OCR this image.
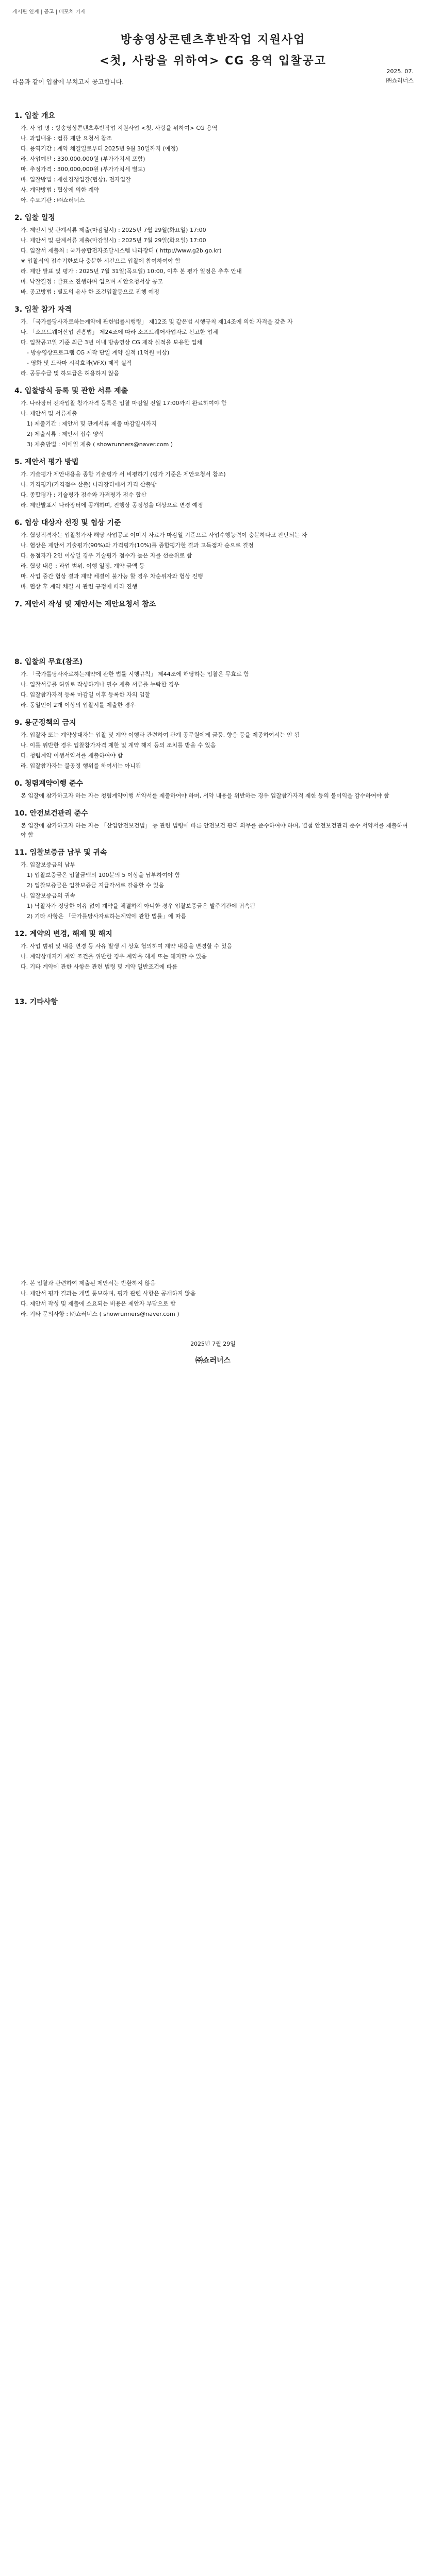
게시판 연계 | 공고 | 배포처 기재
방송영상콘텐츠후반작업 지원사업
<첫, 사랑을 위하여> CG 용역 입찰공고
2025. 07.
㈜쇼러너스
다음과 같이 입찰에 부치고저 공고합니다.
1. 입찰 개요
가. 사 업 명 : 방송영상콘텐츠후반작업 지원사업 <첫, 사랑을 위하여> CG 용역
나. 과업내용 : 컴퓨 제반 요청서 참조
다. 용역기간 : 계약 체결일로부터 2025년 9월 30일까지 (예정)
라. 사업예산 : 330,000,000원 (부가가치세 포함)
마. 추정가격 : 300,000,000원 (부가가치세 별도)
바. 입찰방법 : 제한경쟁입찰(협상), 전자입찰
사. 계약방법 : 협상에 의한 계약
아. 수요기관 : ㈜쇼러너스
2. 입찰 일정
가. 제안서 및 관계서류 제출(마감일시) : 2025년 7월 29일(화요일) 17:00
나. 제안서 및 관계서류 제출(마감일시) : 2025년 7월 29일(화요일) 17:00
다. 입찰서 제출처 : 국가종합전자조달시스템 나라장터 ( http://www.g2b.go.kr)
※ 입찰서의 접수기한보다 충분한 시간으로 입찰에 참여하여야 함
라. 제안 발표 및 평가 : 2025년 7월 31일(목요일) 10:00, 이후 본 평가 일정은 추후 안내
마. 낙찰결정 : 발표초 진행하며 업으며 제안요청서상 공모
바. 공고방법 : 별도의 유사 한 조건입찰등으로 진행 예정
3. 입찰 참가 자격
가. 「국가를당사자로하는계약에 관한법률시행령」 제12조 및 같은법 시행규칙 제14조에 의한 자격을 갖춘 자
나. 「소프트웨어산업 진흥법」 제24조에 따라 소프트웨어사업자로 신고한 업체
다. 입찰공고일 기준 최근 3년 이내 방송영상 CG 제작 실적을 보유한 업체
- 방송영상프로그램 CG 제작 단일 계약 실적 (1억원 이상)
- 영화 및 드라마 시각효과(VFX) 제작 실적
라. 공동수급 및 하도급은 허용하지 않음
4. 입찰방식 등록 및 관한 서류 제출
가. 나라장터 전자입찰 참가자격 등록은 입찰 마감일 전일 17:00까지 완료하여야 함
나. 제안서 및 서류제출
1) 제출기간 : 제안서 및 관계서류 제출 마감일시까지
2) 제출서류 : 제안서 접수 양식
3) 제출방법 : 이메일 제출 ( showrunners@naver.com )
5. 제안서 평가 방법
가. 기술평가 제안내용을 종합 기술평가 서 비평하기 (평가 기준은 제안요청서 참조)
나. 가격평가(가격점수 산출) 나라장터에서 가격 산출방
다. 종합평가 : 기술평가 점수와 가격평가 점수 합산
라. 제안발표시 나라장터에 공개하며, 진행상 공정성을 대상으로 변경 예정
6. 협상 대상자 선정 및 협상 기준
가. 협상적격자는 입찰참가자 해당 사업공고 이미지 자료가 마감일 기준으로 사업수행능력이 충분하다고 판단되는 자
나. 협상은 제안서 기술평가(90%)와 가격평가(10%)를 종합평가한 결과 고득점자 순으로 결정
다. 동점자가 2인 이상일 경우 기술평가 점수가 높은 자를 선순위로 함
라. 협상 내용 : 과업 범위, 이행 일정, 계약 금액 등
마. 사업 중간 협상 결과 계약 체결이 불가능 할 경우 차순위자와 협상 진행
바. 협상 후 계약 체결 시 관련 규정에 따라 진행
7. 제안서 작성 및 제안서는 제안요청서 참조
8. 입찰의 무효(참조)
가. 「국가를당사자로하는계약에 관한 법률 시행규칙」 제44조에 해당하는 입찰은 무효로 함
나. 입찰서류를 허위로 작성하거나 필수 제출 서류를 누락한 경우
다. 입찰참가자격 등록 마감일 이후 등록한 자의 입찰
라. 동일인이 2개 이상의 입찰서를 제출한 경우
9. 용군정책의 금지
가. 입찰자 또는 계약상대자는 입찰 및 계약 이행과 관련하여 관계 공무원에게 금품, 향응 등을 제공하여서는 안 됨
나. 이를 위반한 경우 입찰참가자격 제한 및 계약 해지 등의 조치를 받을 수 있음
다. 청렴계약 이행서약서를 제출하여야 함
라. 입찰참가자는 불공정 행위를 하여서는 아니됨
0. 청렴계약이행 준수
본 입찰에 참가하고자 하는 자는 청렴계약이행 서약서를 제출하여야 하며, 서약 내용을 위반하는 경우 입찰참가자격 제한 등의 불이익을 감수하여야 함
10. 안전보건관리 준수
본 입찰에 참가하고자 하는 자는 「산업안전보건법」 등 관련 법령에 따른 안전보건 관리 의무를 준수하여야 하며, 별첨 안전보건관리 준수 서약서를 제출하여야 함
11. 입찰보증금 납부 및 귀속
가. 입찰보증금의 납부
1) 입찰보증금은 입찰금액의 100분의 5 이상을 납부하여야 함
2) 입찰보증금은 입찰보증금 지급각서로 갈음할 수 있음
나. 입찰보증금의 귀속
1) 낙찰자가 정당한 이유 없이 계약을 체결하지 아니한 경우 입찰보증금은 발주기관에 귀속됨
2) 기타 사항은 「국가를당사자로하는계약에 관한 법률」에 따름
12. 계약의 변경, 해제 및 해지
가. 사업 범위 및 내용 변경 등 사유 발생 시 상호 협의하여 계약 내용을 변경할 수 있음
나. 계약상대자가 계약 조건을 위반한 경우 계약을 해제 또는 해지할 수 있음
다. 기타 계약에 관한 사항은 관련 법령 및 계약 일반조건에 따름
13. 기타사항
가. 본 입찰과 관련하여 제출된 제안서는 반환하지 않음
나. 제안서 평가 결과는 개별 통보하며, 평가 관련 사항은 공개하지 않음
다. 제안서 작성 및 제출에 소요되는 비용은 제안자 부담으로 함
라. 기타 문의사항 : ㈜쇼러너스 ( showrunners@naver.com )
2025년 7월 29일
㈜쇼러너스
